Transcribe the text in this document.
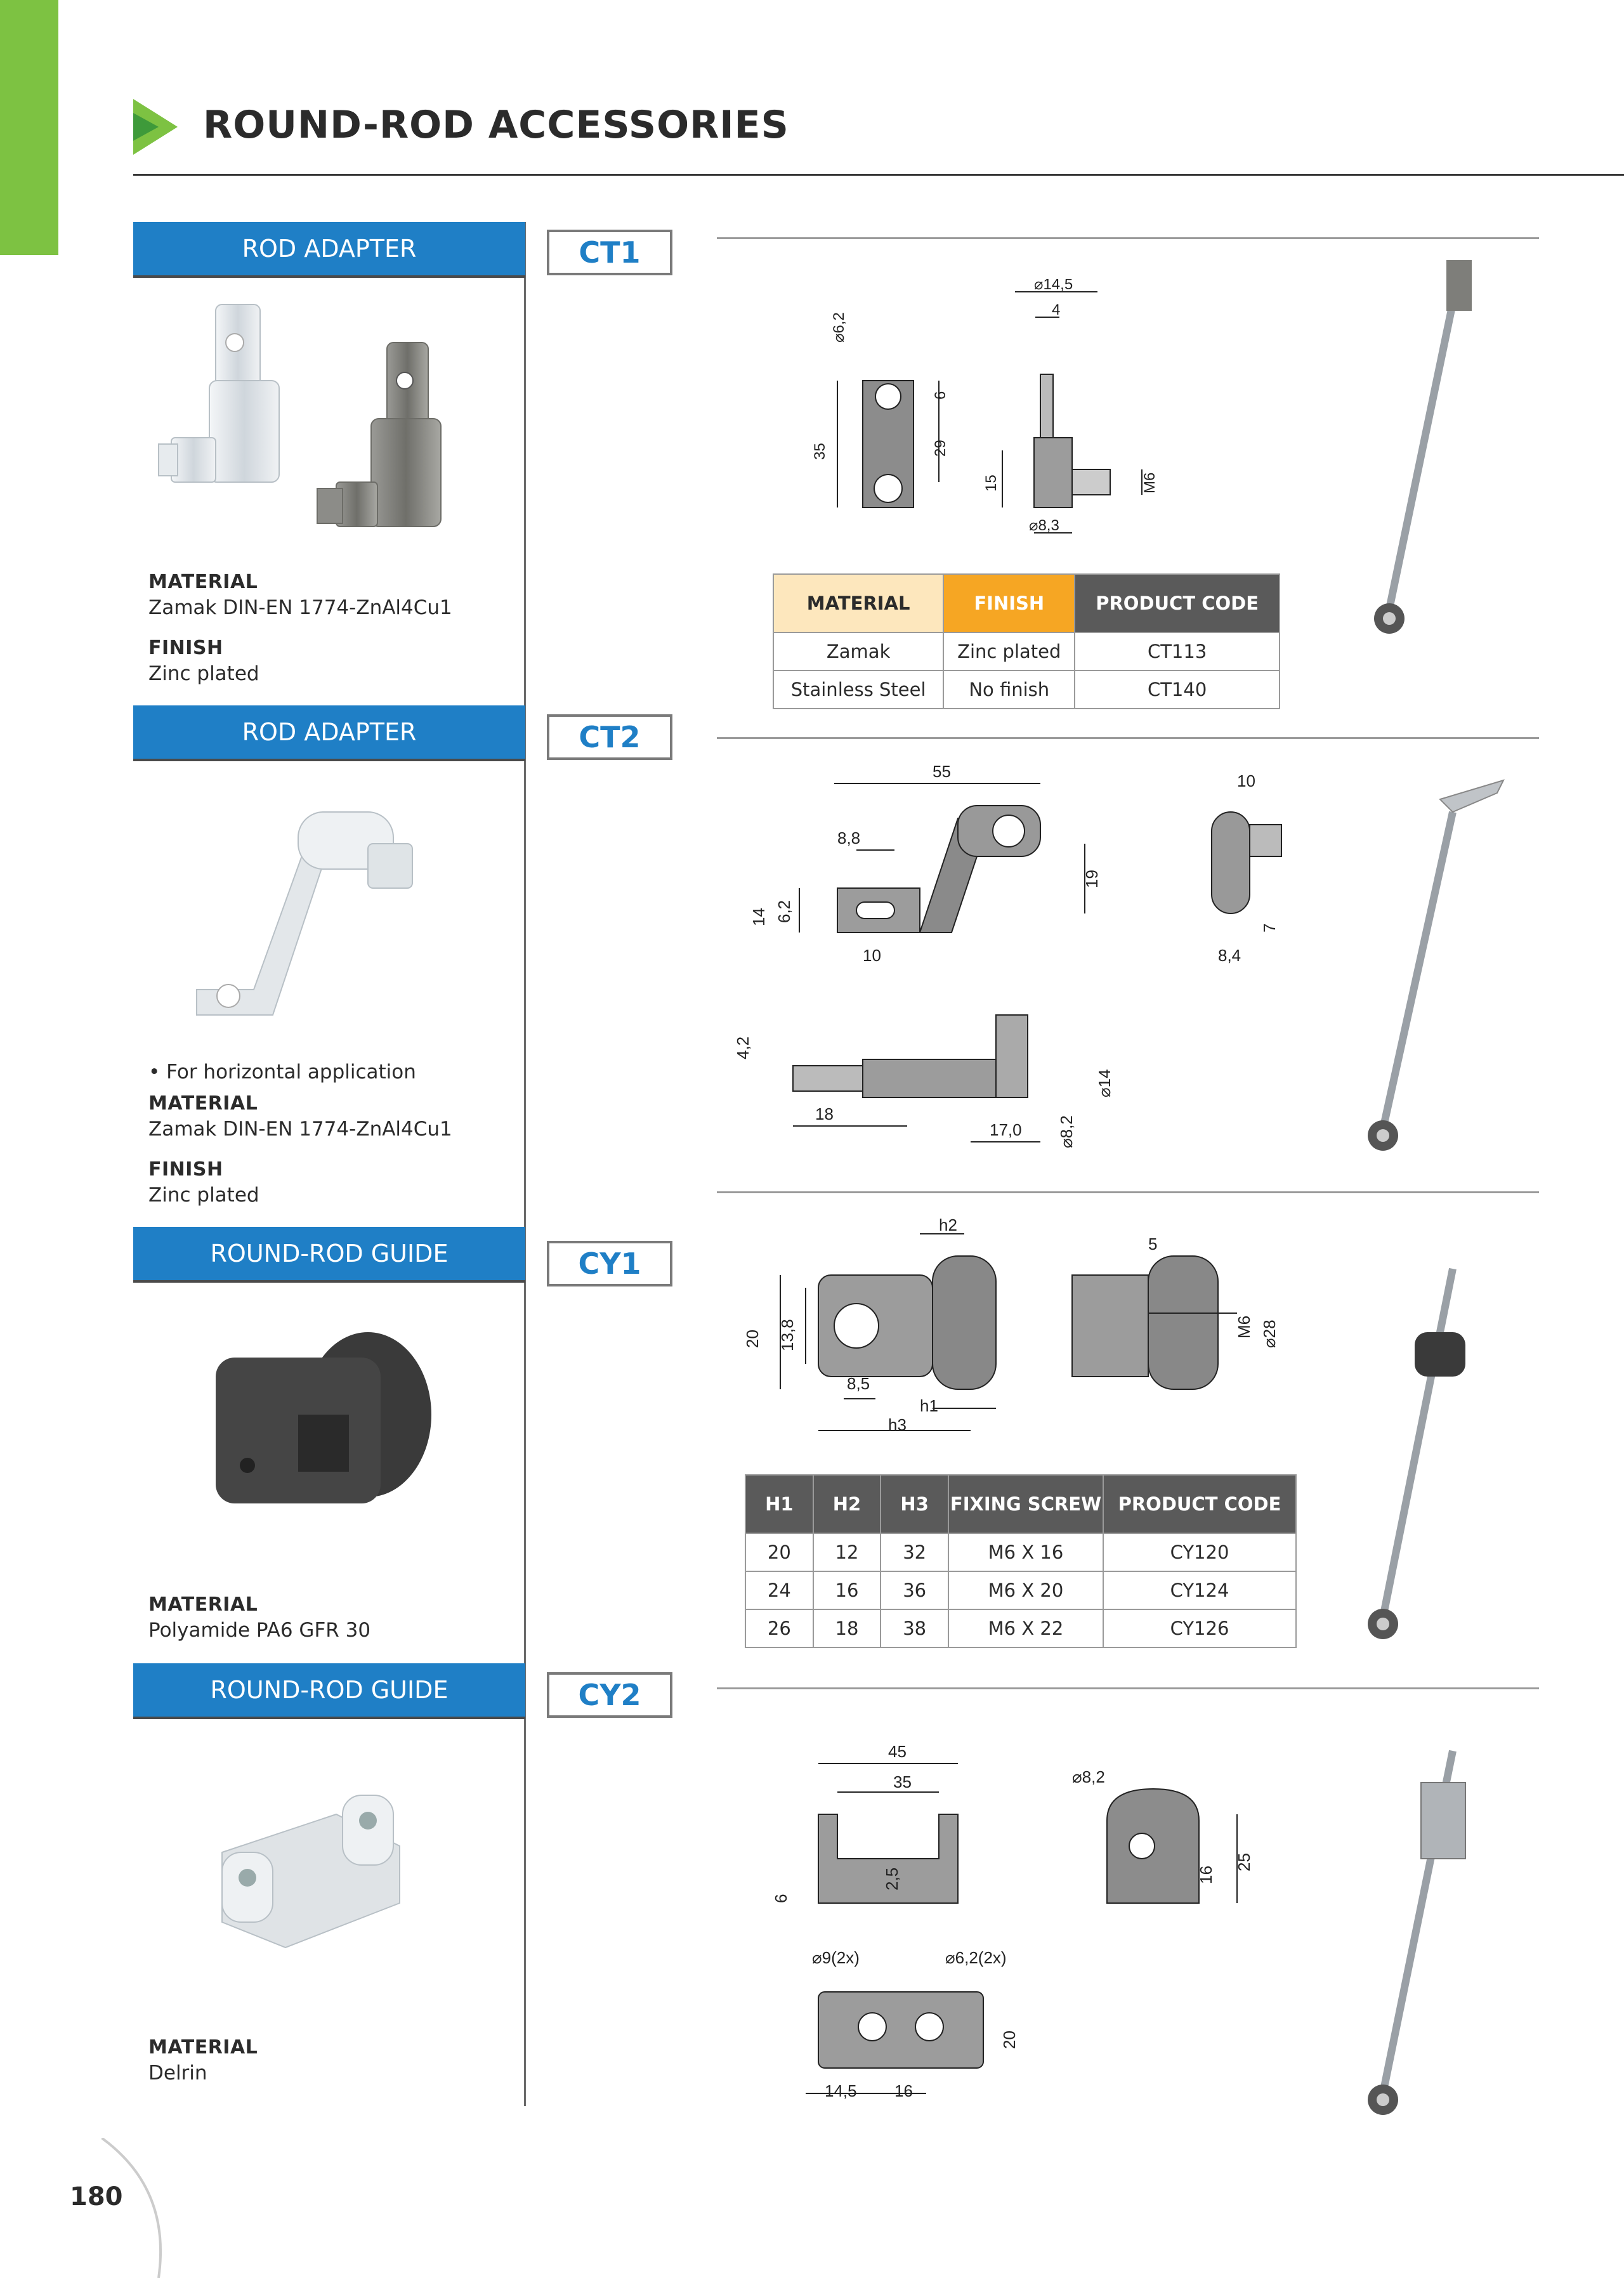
ROUND-ROD ACCESSORIES
ROD ADAPTER	CT1
MATERIAL
Zamak DIN-EN 1774-ZnAl4Cu1
FINISH
Zinc plated
⌀14,5
4
⌀6,2
6
35	29
15
⌀8,3
M6
MATERIAL	FINISH	PRODUCT CODE
Zamak	Zinc plated	CT113
Stainless Steel	No finish	CT140
ROD ADAPTER	CT2
• For horizontal application
MATERIAL
Zamak DIN-EN 1774-ZnAl4Cu1
FINISH
Zinc plated
55
8,8
14 6,2
10
19
10
7
8,4
4,2
18
17,0
⌀14
⌀8,2
ROUND-ROD GUIDE	CY1
MATERIAL
Polyamide PA6 GFR 30
h2
20 13,8
8,5
h1
h3
5
M6 ⌀28
H1	H2	H3	FIXING SCREW	PRODUCT CODE
20	12	32	M6 X 16	CY120
24	16	36	M6 X 20	CY124
26	18	38	M6 X 22	CY126
ROUND-ROD GUIDE	CY2
MATERIAL
Delrin
45
35
2,5
6
⌀8,2
16
25
⌀9(2x)	⌀6,2(2x)
20
14,5 16
180
